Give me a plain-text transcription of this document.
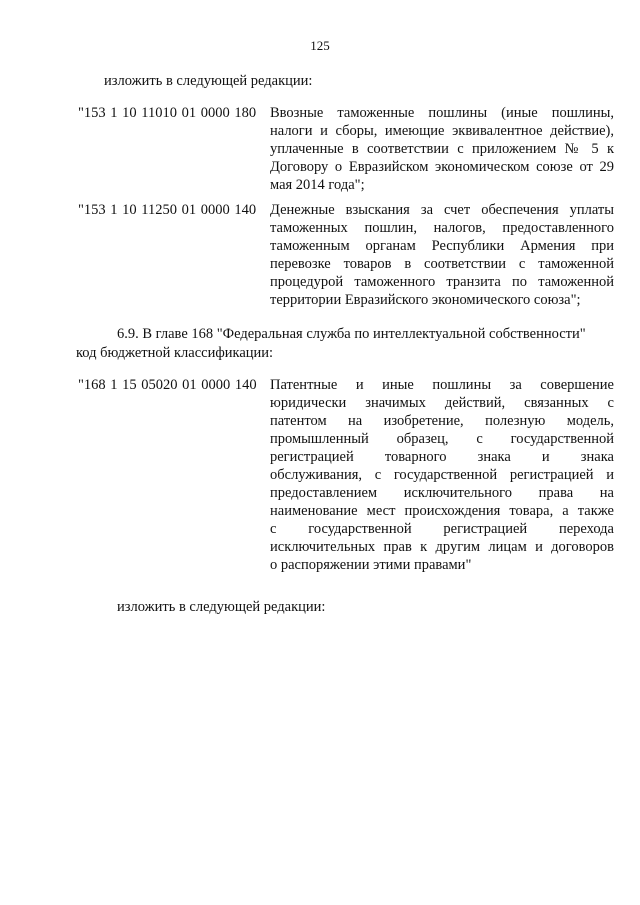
125
изложить в следующей редакции:
"153 1 10 11010 01 0000 180 Ввозные таможенные пошлины (иные пошлины,
налоги и сборы, имеющие эквивалентное действие),
уплаченные в соответствии с приложением № 5 к
Договору о Евразийском экономическом союзе от 29
мая 2014 года";
"153 1 10 11250 01 0000 140 Денежные взыскания за счет обеспечения уплаты
таможенных пошлин, налогов, предоставленного
таможенным органам Республики Армения при
перевозке товаров в соответствии с таможенной
процедурой таможенного транзита по таможенной
территории Евразийского экономического союза";
6.9. В главе 168 "Федеральная служба по интеллектуальной собственности"
код бюджетной классификации:
"168 1 15 05020 01 0000 140 Патентные и иные пошлины за совершение
юридически значимых действий, связанных с
патентом на изобретение, полезную модель,
промышленный образец, с государственной
регистрацией товарного знака и знака
обслуживания, с государственной регистрацией и
предоставлением исключительного права на
наименование мест происхождения товара, а также
с государственной регистрацией перехода
исключительных прав к другим лицам и договоров
о распоряжении этими правами"
изложить в следующей редакции:
